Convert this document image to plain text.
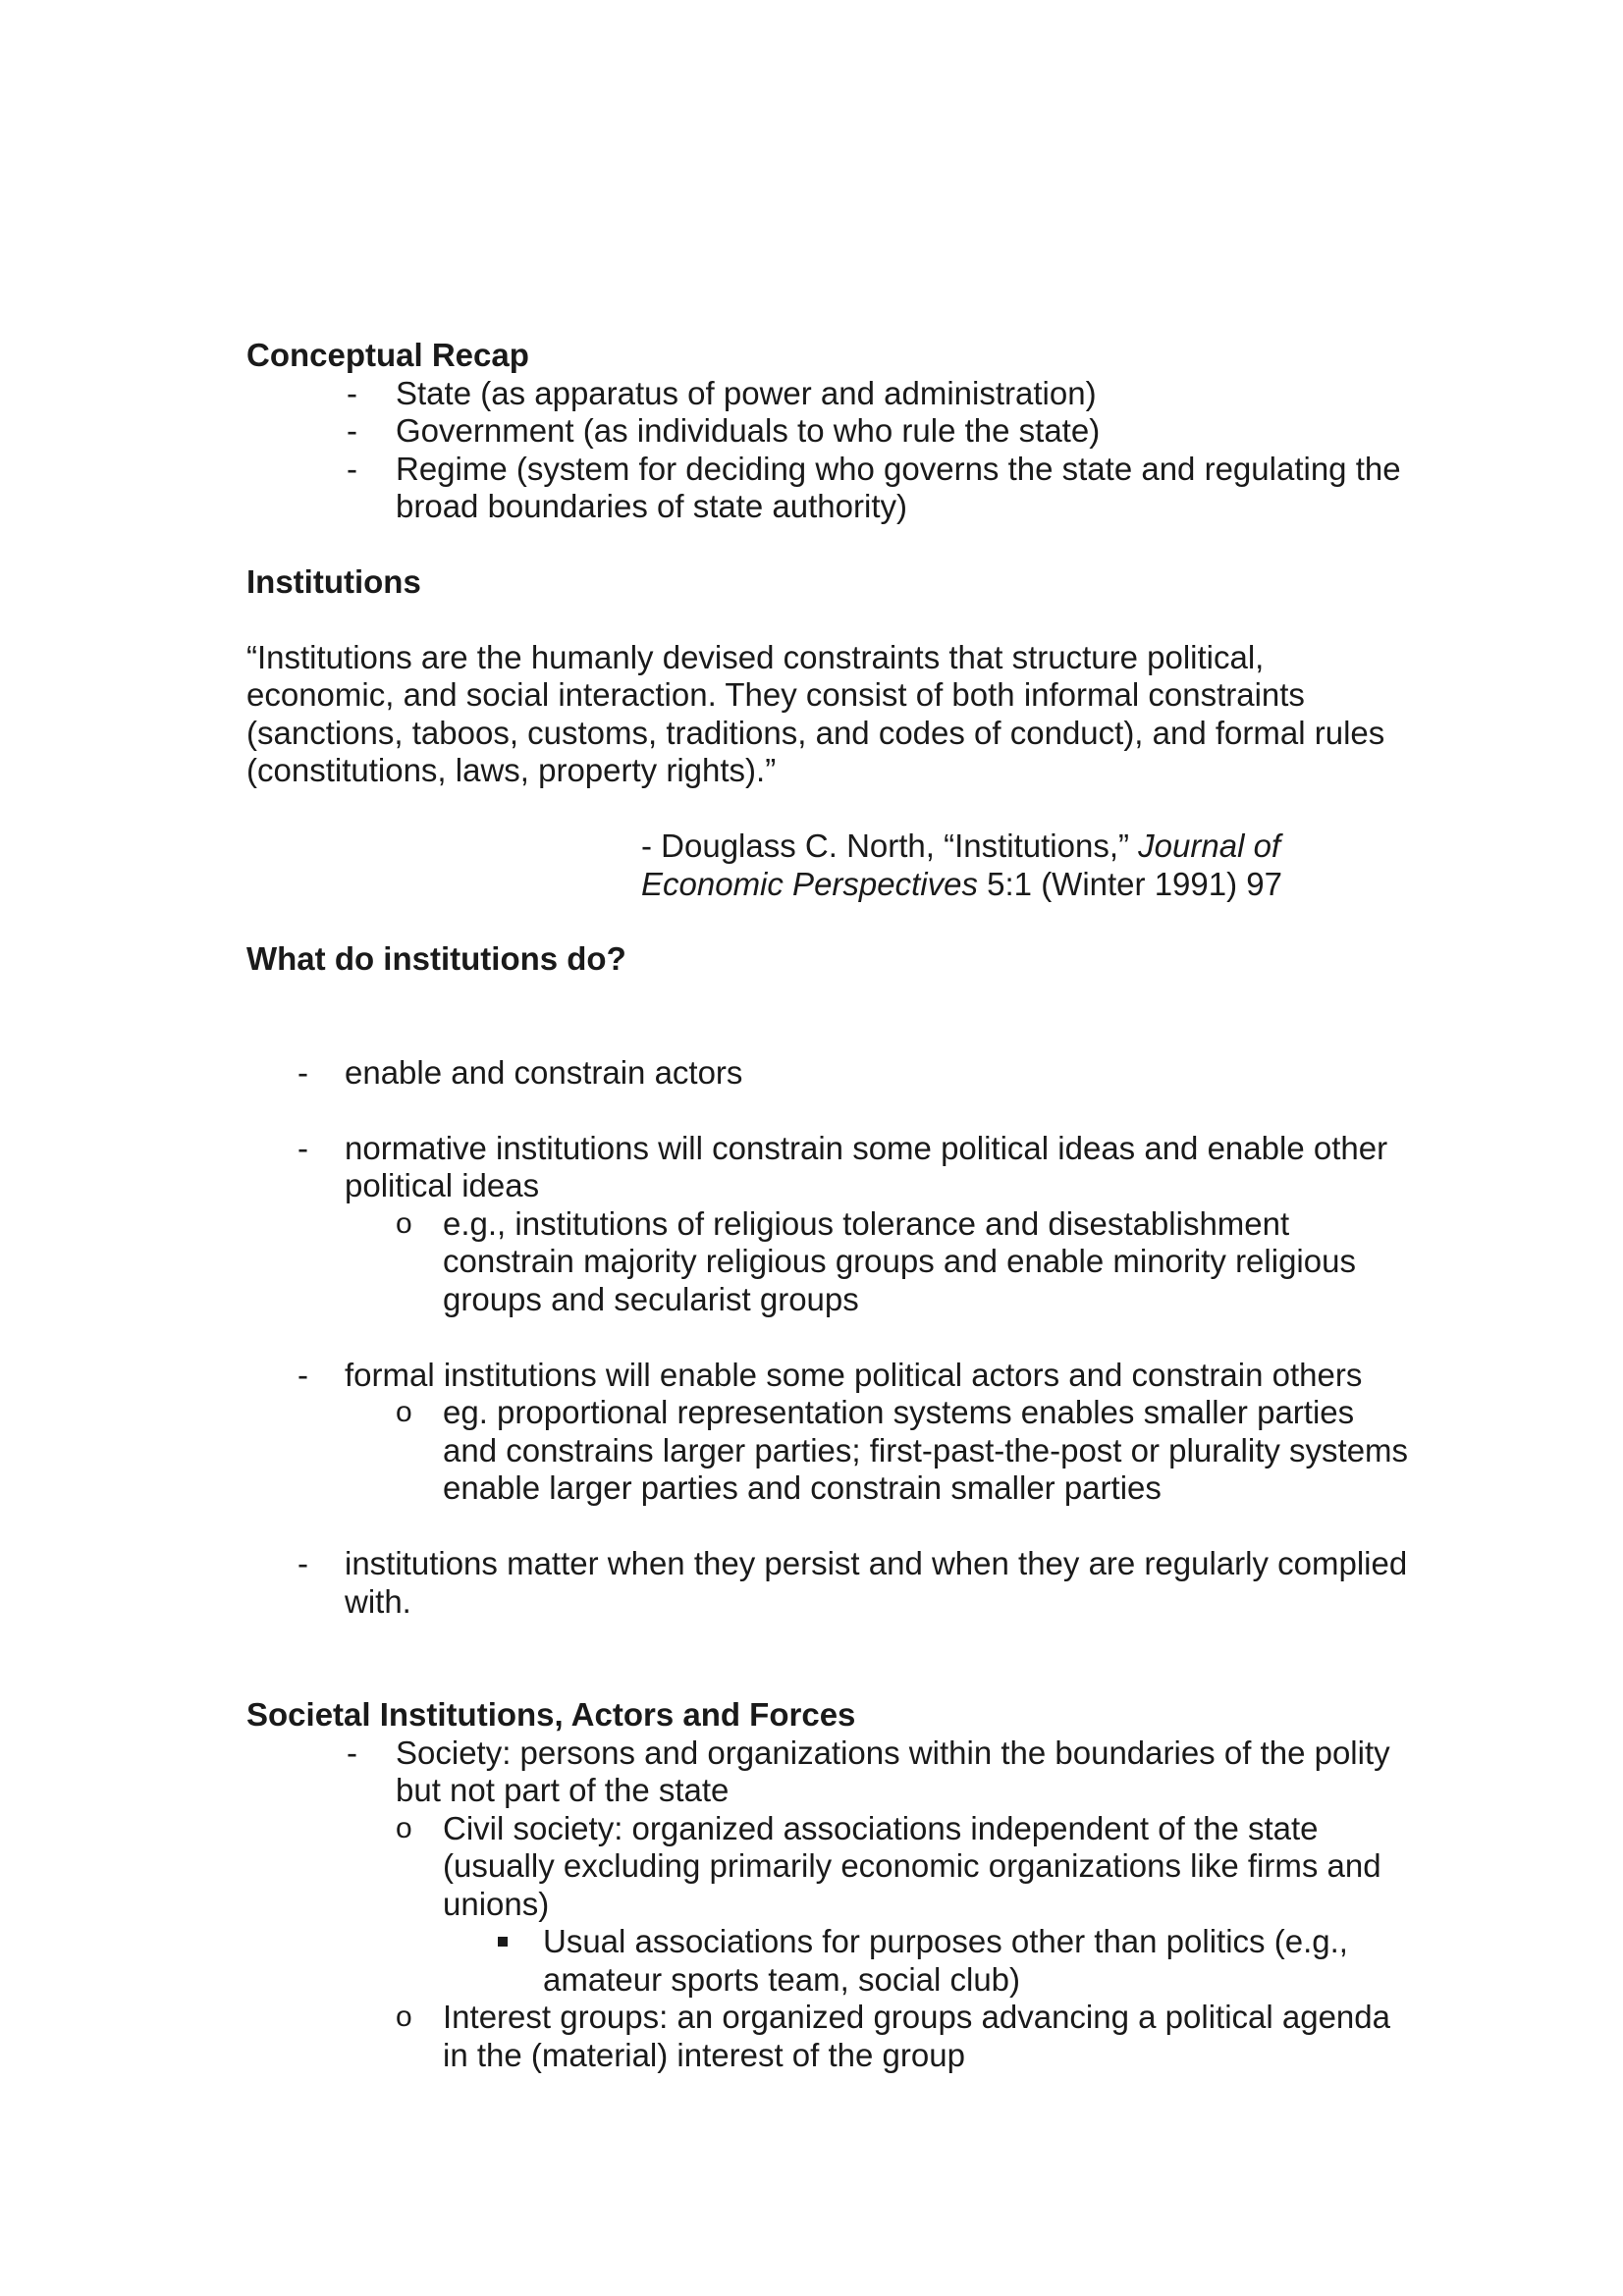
Conceptual Recap
- State (as apparatus of power and administration)
- Government (as individuals to who rule the state)
- Regime (system for deciding who governs the state and regulating the
broad boundaries of state authority)
Institutions
“Institutions are the humanly devised constraints that structure political,
economic, and social interaction. They consist of both informal constraints
(sanctions, taboos, customs, traditions, and codes of conduct), and formal rules
(constitutions, laws, property rights).”
- Douglass C. North, “Institutions,” Journal of
Economic Perspectives 5:1 (Winter 1991) 97
What do institutions do?
- enable and constrain actors
- normative institutions will constrain some political ideas and enable other
political ideas
o e.g., institutions of religious tolerance and disestablishment
constrain majority religious groups and enable minority religious
groups and secularist groups
- formal institutions will enable some political actors and constrain others
o eg. proportional representation systems enables smaller parties
and constrains larger parties; first-past-the-post or plurality systems
enable larger parties and constrain smaller parties
- institutions matter when they persist and when they are regularly complied
with.
Societal Institutions, Actors and Forces
- Society: persons and organizations within the boundaries of the polity
but not part of the state
o Civil society: organized associations independent of the state
(usually excluding primarily economic organizations like firms and
unions)
Usual associations for purposes other than politics (e.g.,
amateur sports team, social club)
o Interest groups: an organized groups advancing a political agenda
in the (material) interest of the group
